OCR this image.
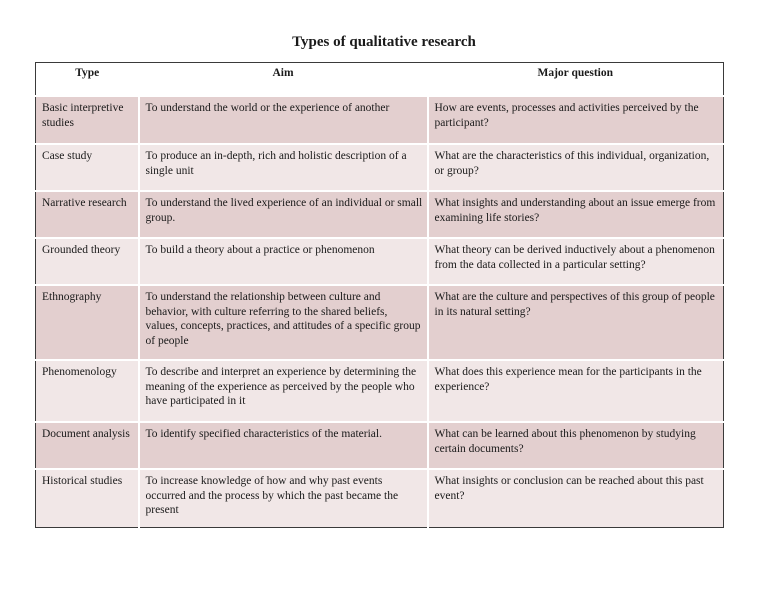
Types of qualitative research
Type	Aim	Major question
Basic interpretive studies	To understand the world or the experience of another	How are events, processes and activities perceived by the participant?
Case study	To produce an in-depth, rich and holistic description of a single unit	What are the characteristics of this individual, organization, or group?
Narrative research	To understand the lived experience of an individual or small group.	What insights and understanding about an issue emerge from examining life stories?
Grounded theory	To build a theory about a practice or phenomenon	What theory can be derived inductively about a phenomenon from the data collected in a particular setting?
Ethnography	To understand the relationship between culture and behavior, with culture referring to the shared beliefs, values, concepts, practices, and attitudes of a specific group of people	What are the culture and perspectives of this group of people in its natural setting?
Phenomenology	To describe and interpret an experience by determining the meaning of the experience as perceived by the people who have participated in it	What does this experience mean for the participants in the experience?
Document analysis	To identify specified characteristics of the material.	What can be learned about this phenomenon by studying certain documents?
Historical studies	To increase knowledge of how and why past events occurred and the process by which the past became the present	What insights or conclusion can be reached about this past event?
